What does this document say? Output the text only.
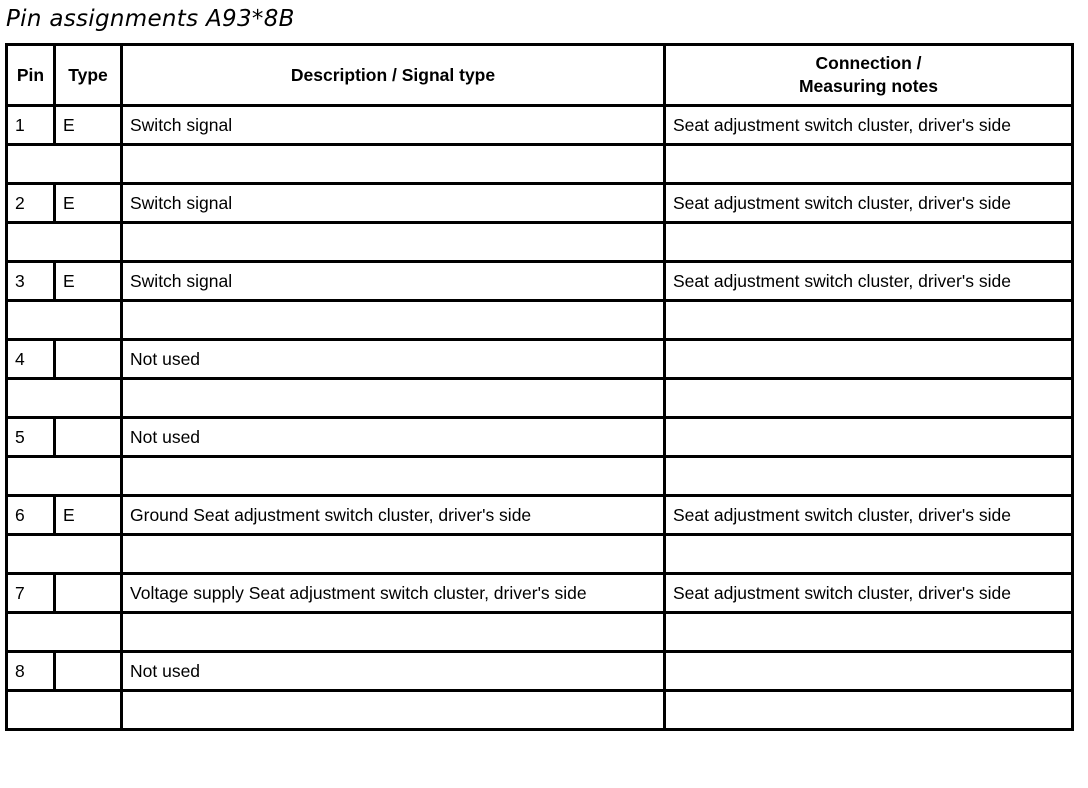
Pin assignments A93*8B
Pin	Type	Description / Signal type	Connection /
Measuring notes

1	E	Switch signal	Seat adjustment switch cluster, driver's side

2	E	Switch signal	Seat adjustment switch cluster, driver's side

3	E	Switch signal	Seat adjustment switch cluster, driver's side

4		Not used	

5		Not used	

6	E	Ground Seat adjustment switch cluster, driver's side	Seat adjustment switch cluster, driver's side

7		Voltage supply Seat adjustment switch cluster, driver's side	Seat adjustment switch cluster, driver's side

8		Not used	
